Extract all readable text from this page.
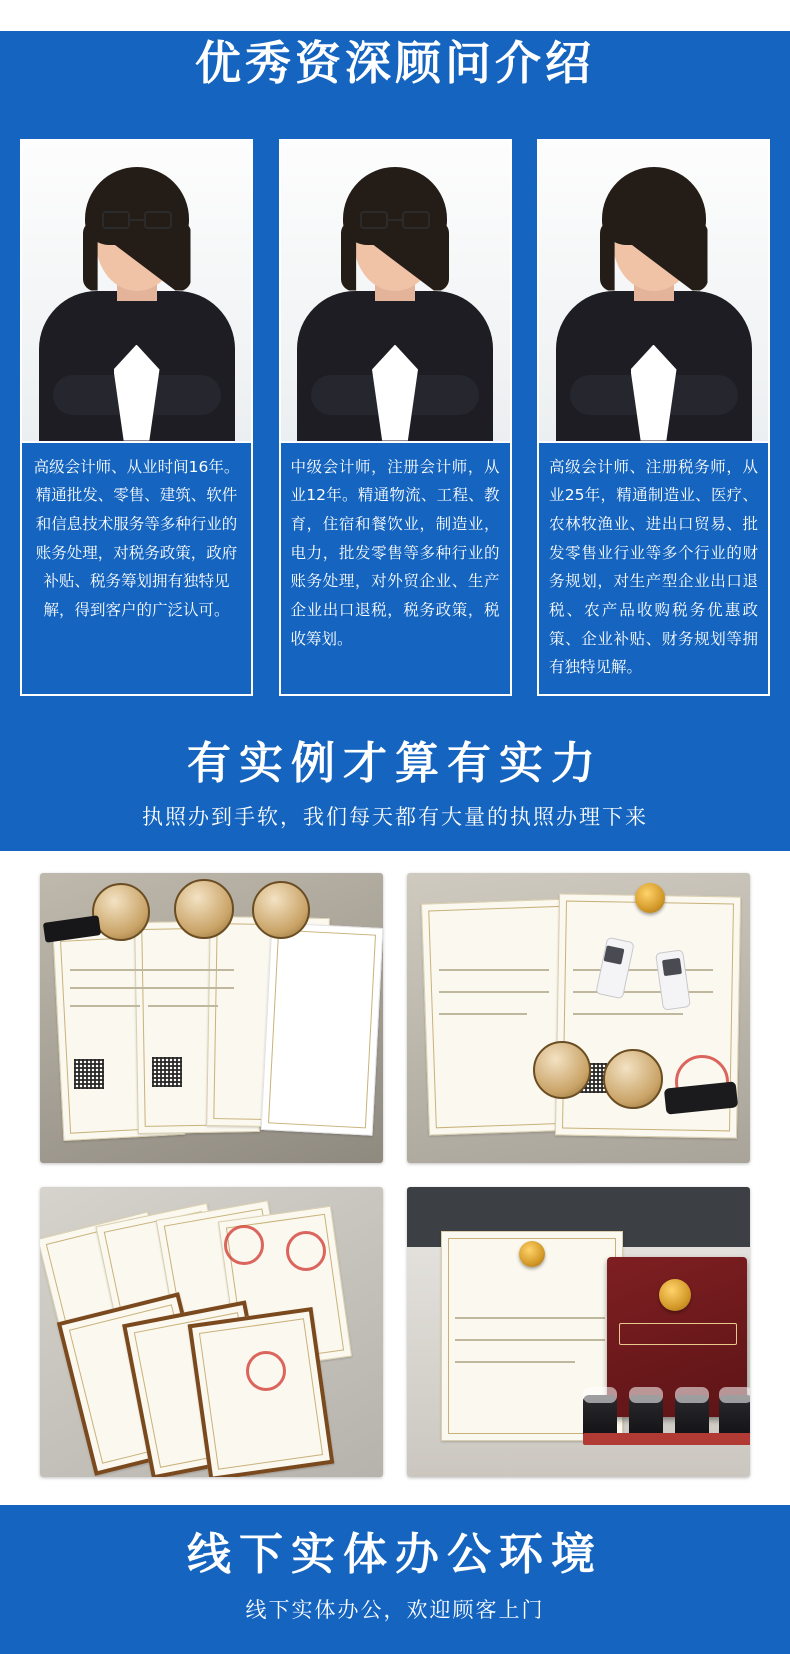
优秀资深顾问介绍
高级会计师、从业时间16年。精通批发、零售、建筑、软件和信息技术服务等多种行业的账务处理，对税务政策，政府补贴、税务筹划拥有独特见解，得到客户的广泛认可。
中级会计师，注册会计师，从业12年。精通物流、工程、教育，住宿和餐饮业，制造业，电力，批发零售等多种行业的账务处理，对外贸企业、生产企业出口退税，税务政策，税收筹划。
高级会计师、注册税务师，从业25年，精通制造业、医疗、农林牧渔业、进出口贸易、批发零售业行业等多个行业的财务规划，对生产型企业出口退税、农产品收购税务优惠政策、企业补贴、财务规划等拥有独特见解。
有实例才算有实力
执照办到手软，我们每天都有大量的执照办理下来
线下实体办公环境
线下实体办公，欢迎顾客上门
